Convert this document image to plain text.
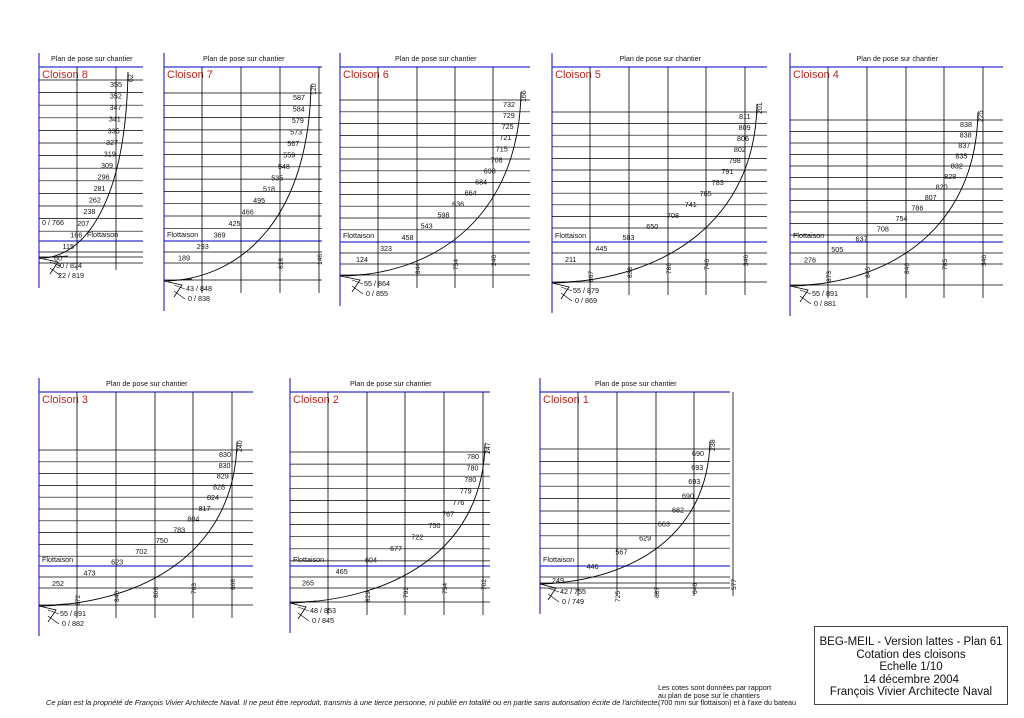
Plan de pose sur chantier
Flottaison
Cloison 8	62
355
352
347
341
335
327
319
309
296
281
262
238
207
166
115
60
0 / 766
30 / 824
22 / 819
Plan de pose sur chantier
Flottaison
Cloison 7
120
587
584
579
573
567
559
548
535
518
495
466
425
369
293
189	146
818
43 / 848
0 / 838
Plan de pose sur chantier
Flottaison
Cloison 6
166
732
729
725
721
715
708
698
684
664
636
598
543
458
323
124	246
754
844
55 / 864
0 / 855
Plan de pose sur chantier
Flottaison
Cloison 5
201
811
809
806
802
798
791
783
765
741
708
650
583
445
211	346
746
786
838
867
55 / 879
0 / 869
Plan de pose sur chantier
Flottaison
Cloison 4
225
838
838
837
835
832
828
820
807
786
754
708
637
505
276	346
785
846
845
873
55 / 891
0 / 881
Plan de pose sur chantier
Flottaison
Cloison 3
240
830
830
829
828
824
817
804
783
750
702
623
473
252	668
763
806
840
872
55 / 891
0 / 882
Plan de pose sur chantier
Flottaison
Cloison 2
247
780
780
780
779
776
767
750
722
677
604
465
265	702
754
792
829
48 / 853
0 / 845
Plan de pose sur chantier
Flottaison
Cloison 1
238
690
693
693
690
682
663
629
567
446
249	577
646
687
725
42 / 755
0 / 749
BEG-MEIL - Version lattes - Plan 61
Cotation des cloisons
Echelle 1/10
14 décembre 2004
François Vivier Architecte Naval
Les cotes sont données par rapport
au plan de pose sur le chantiers
(700 mm sur flottaison) et à l'axe du bateau
Ce plan est la propriété de François Vivier Architecte Naval. Il ne peut être reproduit, transmis à une tierce personne, ni publié en totalité ou en partie sans autorisation écrite de l'architecte.
